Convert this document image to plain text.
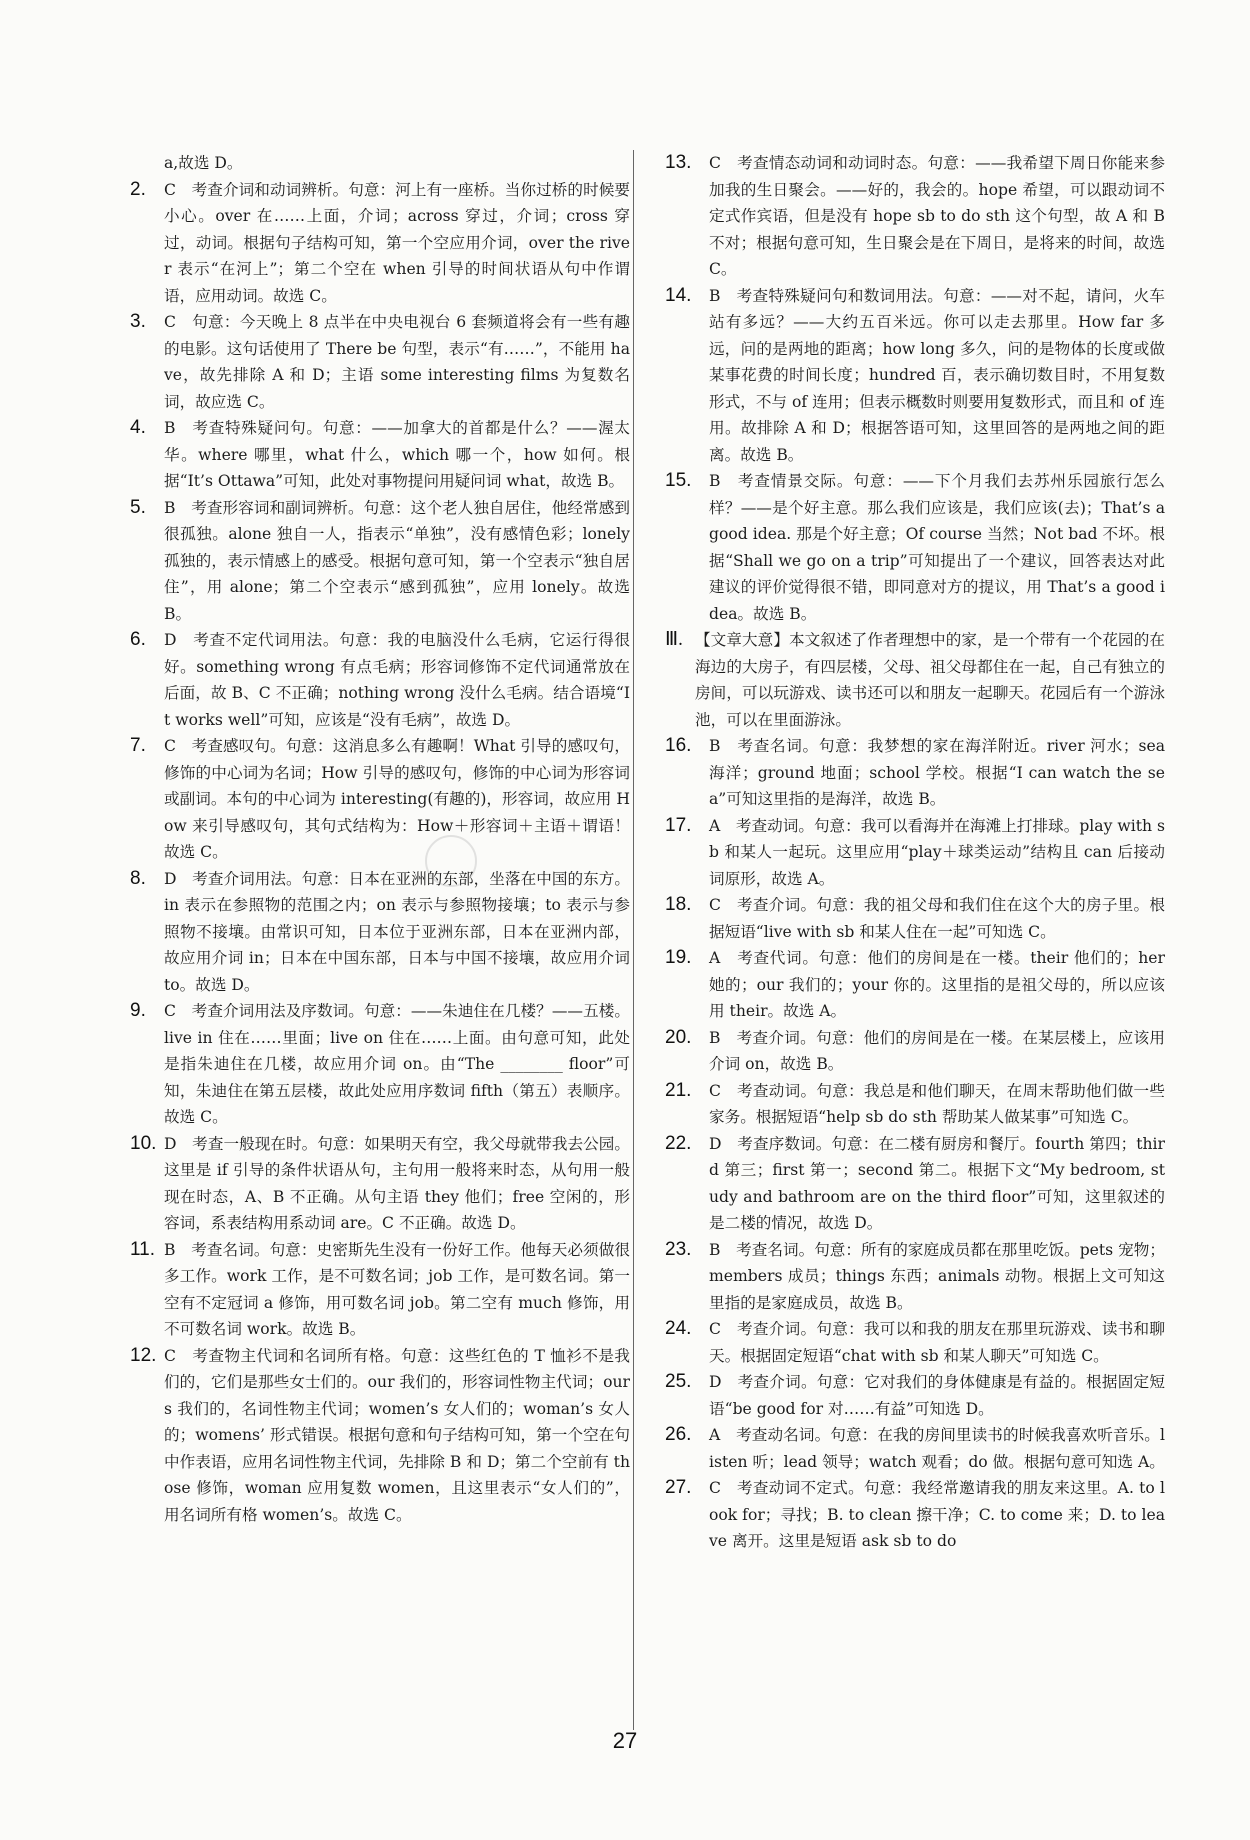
a,故选 D。
2.	C　考查介词和动词辨析。句意：河上有一座桥。当你过桥的时候要小心。over 在……上面，介词；across 穿过，介词；cross 穿过，动词。根据句子结构可知，第一个空应用介词，over the river 表示“在河上”；第二个空在 when 引导的时间状语从句中作谓语，应用动词。故选 C。
3.	C　句意：今天晚上 8 点半在中央电视台 6 套频道将会有一些有趣的电影。这句话使用了 There be 句型，表示“有……”，不能用 have，故先排除 A 和 D；主语 some interesting films 为复数名词，故应选 C。
4.	B　考查特殊疑问句。句意：——加拿大的首都是什么？——渥太华。where 哪里，what 什么，which 哪一个，how 如何。根据“It’s Ottawa”可知，此处对事物提问用疑问词 what，故选 B。
5.	B　考查形容词和副词辨析。句意：这个老人独自居住，他经常感到很孤独。alone 独自一人，指表示“单独”，没有感情色彩；lonely 孤独的，表示情感上的感受。根据句意可知，第一个空表示“独自居住”，用 alone；第二个空表示“感到孤独”，应用 lonely。故选 B。
6.	D　考查不定代词用法。句意：我的电脑没什么毛病，它运行得很好。something wrong 有点毛病；形容词修饰不定代词通常放在后面，故 B、C 不正确；nothing wrong 没什么毛病。结合语境“It works well”可知，应该是“没有毛病”，故选 D。
7.	C　考查感叹句。句意：这消息多么有趣啊！What 引导的感叹句，修饰的中心词为名词；How 引导的感叹句，修饰的中心词为形容词或副词。本句的中心词为 interesting(有趣的)，形容词，故应用 How 来引导感叹句，其句式结构为：How＋形容词＋主语＋谓语！故选 C。
8.	D　考查介词用法。句意：日本在亚洲的东部，坐落在中国的东方。in 表示在参照物的范围之内；on 表示与参照物接壤；to 表示与参照物不接壤。由常识可知，日本位于亚洲东部，日本在亚洲内部，故应用介词 in；日本在中国东部，日本与中国不接壤，故应用介词 to。故选 D。
9.	C　考查介词用法及序数词。句意：——朱迪住在几楼？——五楼。live in 住在……里面；live on 住在……上面。由句意可知，此处是指朱迪住在几楼，故应用介词 on。由“The ________ floor”可知，朱迪住在第五层楼，故此处应用序数词 fifth（第五）表顺序。故选 C。
10. D　考查一般现在时。句意：如果明天有空，我父母就带我去公园。这里是 if 引导的条件状语从句，主句用一般将来时态，从句用一般现在时态，A、B 不正确。从句主语 they 他们；free 空闲的，形容词，系表结构用系动词 are。C 不正确。故选 D。
11. B　考查名词。句意：史密斯先生没有一份好工作。他每天必须做很多工作。work 工作，是不可数名词；job 工作，是可数名词。第一空有不定冠词 a 修饰，用可数名词 job。第二空有 much 修饰，用不可数名词 work。故选 B。
12. C　考查物主代词和名词所有格。句意：这些红色的 T 恤衫不是我们的，它们是那些女士们的。our 我们的，形容词性物主代词；ours 我们的，名词性物主代词；women’s 女人们的；woman’s 女人的；womens’ 形式错误。根据句意和句子结构可知，第一个空在句中作表语，应用名词性物主代词，先排除 B 和 D；第二个空前有 those 修饰，woman 应用复数 women，且这里表示“女人们的”，用名词所有格 women’s。故选 C。
13.	C　考查情态动词和动词时态。句意：——我希望下周日你能来参加我的生日聚会。——好的，我会的。hope 希望，可以跟动词不定式作宾语，但是没有 hope sb to do sth 这个句型，故 A 和 B 不对；根据句意可知，生日聚会是在下周日，是将来的时间，故选 C。
14.	B　考查特殊疑问句和数词用法。句意：——对不起，请问，火车站有多远？——大约五百米远。你可以走去那里。How far 多远，问的是两地的距离；how long 多久，问的是物体的长度或做某事花费的时间长度；hundred 百，表示确切数目时，不用复数形式，不与 of 连用；但表示概数时则要用复数形式，而且和 of 连用。故排除 A 和 D；根据答语可知，这里回答的是两地之间的距离。故选 B。
15.	B　考查情景交际。句意：——下个月我们去苏州乐园旅行怎么样？——是个好主意。那么我们应该是，我们应该(去)；That’s a good idea. 那是个好主意；Of course 当然；Not bad 不坏。根据“Shall we go on a trip”可知提出了一个建议，回答表达对此建议的评价觉得很不错，即同意对方的提议，用 That’s a good idea。故选 B。
Ⅲ. 【文章大意】本文叙述了作者理想中的家，是一个带有一个花园的在海边的大房子，有四层楼，父母、祖父母都住在一起，自己有独立的房间，可以玩游戏、读书还可以和朋友一起聊天。花园后有一个游泳池，可以在里面游泳。
16.	B　考查名词。句意：我梦想的家在海洋附近。river 河水；sea 海洋；ground 地面；school 学校。根据“I can watch the sea”可知这里指的是海洋，故选 B。
17.	A　考查动词。句意：我可以看海并在海滩上打排球。play with sb 和某人一起玩。这里应用“play＋球类运动”结构且 can 后接动词原形，故选 A。
18.	C　考查介词。句意：我的祖父母和我们住在这个大的房子里。根据短语“live with sb 和某人住在一起”可知选 C。
19.	A　考查代词。句意：他们的房间是在一楼。their 他们的；her 她的；our 我们的；your 你的。这里指的是祖父母的，所以应该用 their。故选 A。
20.	B　考查介词。句意：他们的房间是在一楼。在某层楼上，应该用介词 on，故选 B。
21.	C　考查动词。句意：我总是和他们聊天，在周末帮助他们做一些家务。根据短语“help sb do sth 帮助某人做某事”可知选 C。
22.	D　考查序数词。句意：在二楼有厨房和餐厅。fourth 第四；third 第三；first 第一；second 第二。根据下文“My bedroom, study and bathroom are on the third floor”可知，这里叙述的是二楼的情况，故选 D。
23.	B　考查名词。句意：所有的家庭成员都在那里吃饭。pets 宠物；members 成员；things 东西；animals 动物。根据上文可知这里指的是家庭成员，故选 B。
24.	C　考查介词。句意：我可以和我的朋友在那里玩游戏、读书和聊天。根据固定短语“chat with sb 和某人聊天”可知选 C。
25.	D　考查介词。句意：它对我们的身体健康是有益的。根据固定短语“be good for 对……有益”可知选 D。
26.	A　考查动名词。句意：在我的房间里读书的时候我喜欢听音乐。listen 听；lead 领导；watch 观看；do 做。根据句意可知选 A。
27.	C　考查动词不定式。句意：我经常邀请我的朋友来这里。A. to look for；寻找；B. to clean 擦干净；C. to come 来；D. to leave 离开。这里是短语 ask sb to do
27
